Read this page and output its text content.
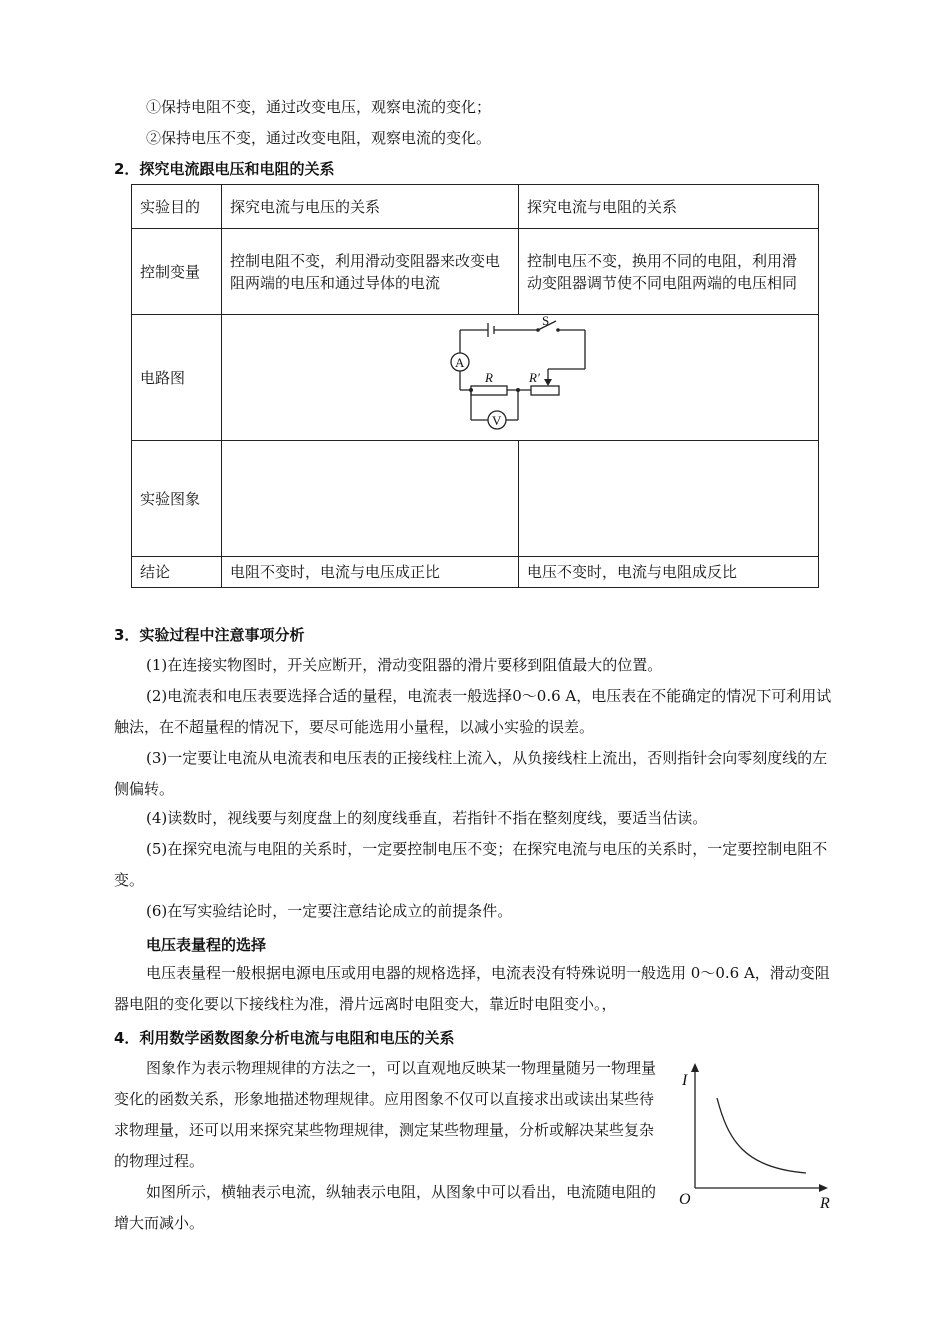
①保持电阻不变，通过改变电压，观察电流的变化；
②保持电压不变，通过改变电阻，观察电流的变化。
2．探究电流跟电压和电阻的关系
实验目的	探究电流与电压的关系	探究电流与电阻的关系
控制变量	控制电阻不变，利用滑动变阻器来改变电阻两端的电压和通过导体的电流	控制电压不变，换用不同的电阻，利用滑动变阻器调节使不同电阻两端的电压相同
电路图	A
V
S
R R′	

实验图象		
结论	电阻不变时，电流与电压成正比	电压不变时，电流与电阻成反比
3．实验过程中注意事项分析
(1)在连接实物图时，开关应断开，滑动变阻器的滑片要移到阻值最大的位置。
(2)电流表和电压表要选择合适的量程，电流表一般选择0～0.6 A，电压表在不能确定的情况下可利用试触法，在不超量程的情况下，要尽可能选用小量程，以减小实验的误差。
(3)一定要让电流从电流表和电压表的正接线柱上流入，从负接线柱上流出，否则指针会向零刻度线的左侧偏转。
(4)读数时，视线要与刻度盘上的刻度线垂直，若指针不指在整刻度线，要适当估读。
(5)在探究电流与电阻的关系时，一定要控制电压不变；在探究电流与电压的关系时，一定要控制电阻不变。
(6)在写实验结论时，一定要注意结论成立的前提条件。
电压表量程的选择
电压表量程一般根据电源电压或用电器的规格选择，电流表没有特殊说明一般选用 0～0.6 A，滑动变阻器电阻的变化要以下接线柱为准，滑片远离时电阻变大，靠近时电阻变小。，
4．利用数学函数图象分析电流与电阻和电压的关系
图象作为表示物理规律的方法之一，可以直观地反映某一物理量随另一物理量变化的函数关系，形象地描述物理规律。应用图象不仅可以直接求出或读出某些待求物理量，还可以用来探究某些物理规律，测定某些物理量，分析或解决某些复杂的物理过程。
如图所示，横轴表示电流，纵轴表示电阻，从图象中可以看出，电流随电阻的增大而减小。
I
R
O
